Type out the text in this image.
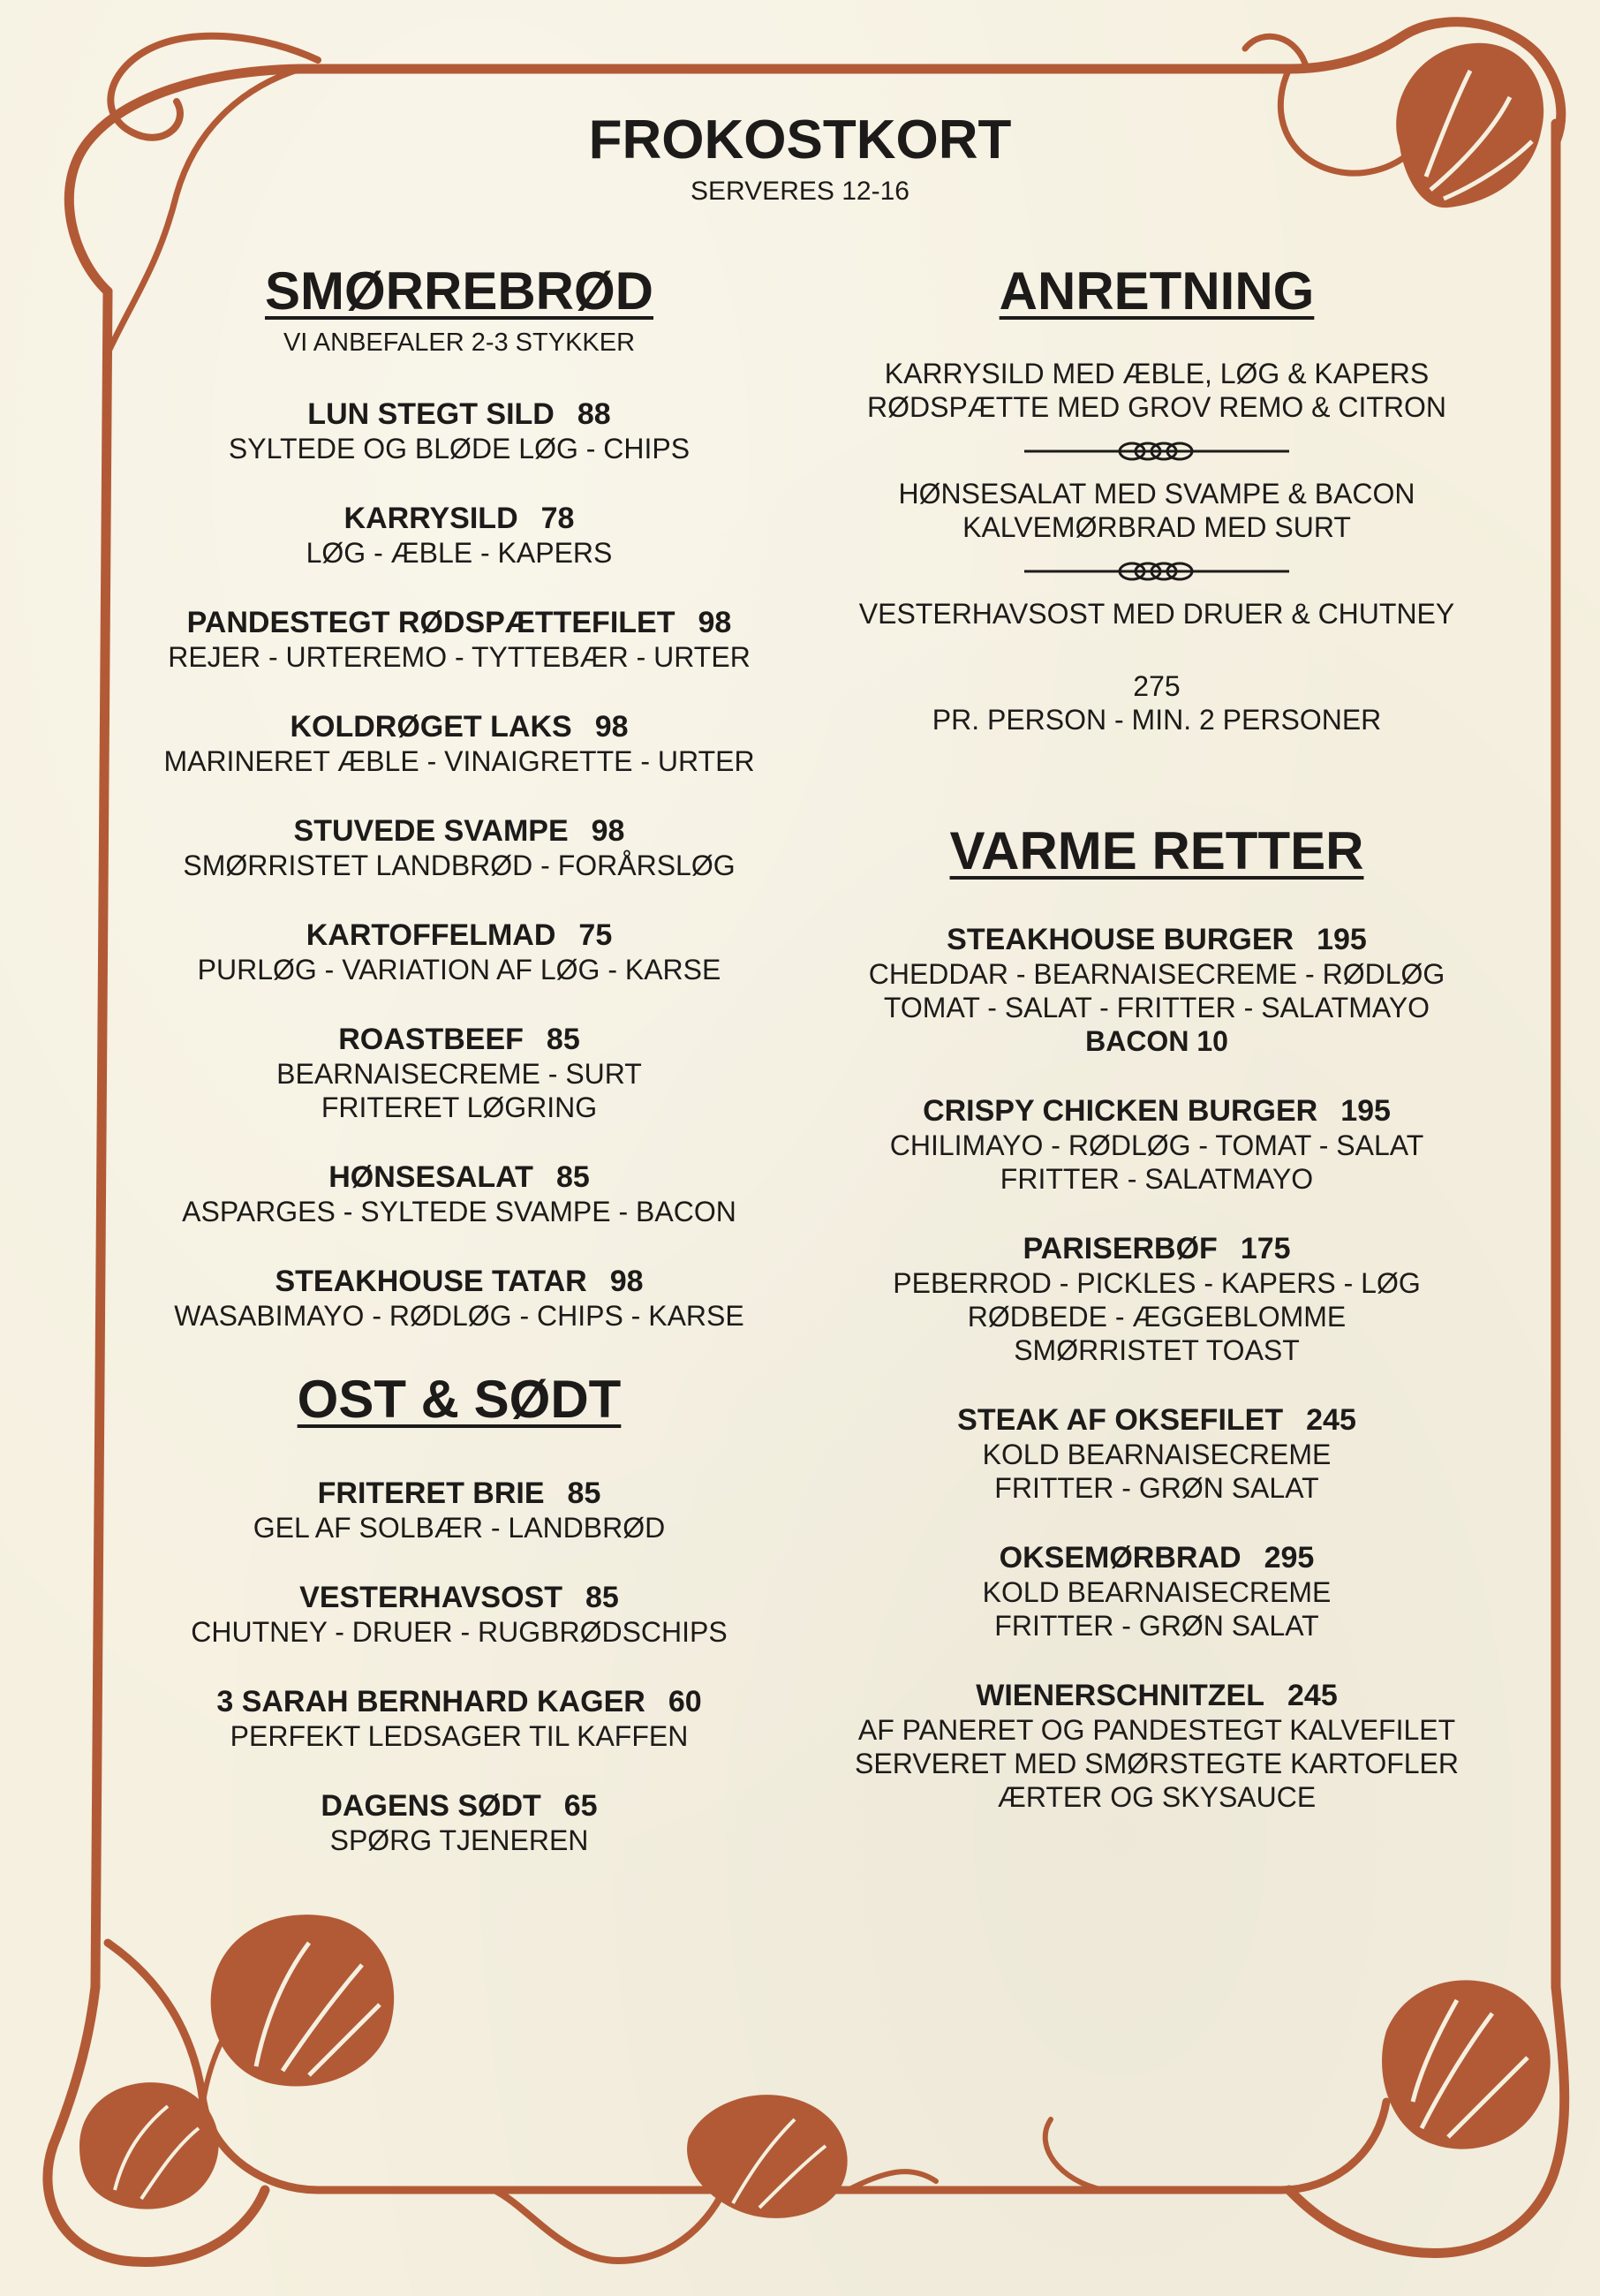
FROKOSTKORT
SERVERES 12-16
SMØRREBRØD
VI ANBEFALER 2-3 STYKKER
LUN STEGT SILD 88
SYLTEDE OG BLØDE LØG - CHIPS
KARRYSILD 78
LØG - ÆBLE - KAPERS
PANDESTEGT RØDSPÆTTEFILET 98
REJER - URTEREMO - TYTTEBÆR - URTER
KOLDRØGET LAKS 98
MARINERET ÆBLE - VINAIGRETTE - URTER
STUVEDE SVAMPE 98
SMØRRISTET LANDBRØD - FORÅRSLØG
KARTOFFELMAD 75
PURLØG - VARIATION AF LØG - KARSE
ROASTBEEF 85
BEARNAISECREME - SURT
FRITERET LØGRING
HØNSESALAT 85
ASPARGES - SYLTEDE SVAMPE - BACON
STEAKHOUSE TATAR 98
WASABIMAYO - RØDLØG - CHIPS - KARSE
OST & SØDT
FRITERET BRIE 85
GEL AF SOLBÆR - LANDBRØD
VESTERHAVSOST 85
CHUTNEY - DRUER - RUGBRØDSCHIPS
3 SARAH BERNHARD KAGER 60
PERFEKT LEDSAGER TIL KAFFEN
DAGENS SØDT 65
SPØRG TJENEREN
ANRETNING
KARRYSILD MED ÆBLE, LØG & KAPERS
RØDSPÆTTE MED GROV REMO & CITRON
HØNSESALAT MED SVAMPE & BACON
KALVEMØRBRAD MED SURT
VESTERHAVSOST MED DRUER & CHUTNEY
275
PR. PERSON - MIN. 2 PERSONER
VARME RETTER
STEAKHOUSE BURGER 195
CHEDDAR - BEARNAISECREME - RØDLØG
TOMAT - SALAT - FRITTER - SALATMAYO
BACON 10
CRISPY CHICKEN BURGER 195
CHILIMAYO - RØDLØG - TOMAT - SALAT
FRITTER - SALATMAYO
PARISERBØF 175
PEBERROD - PICKLES - KAPERS - LØG
RØDBEDE - ÆGGEBLOMME
SMØRRISTET TOAST
STEAK AF OKSEFILET 245
KOLD BEARNAISECREME
FRITTER - GRØN SALAT
OKSEMØRBRAD 295
KOLD BEARNAISECREME
FRITTER - GRØN SALAT
WIENERSCHNITZEL 245
AF PANERET OG PANDESTEGT KALVEFILET
SERVERET MED SMØRSTEGTE KARTOFLER
ÆRTER OG SKYSAUCE
